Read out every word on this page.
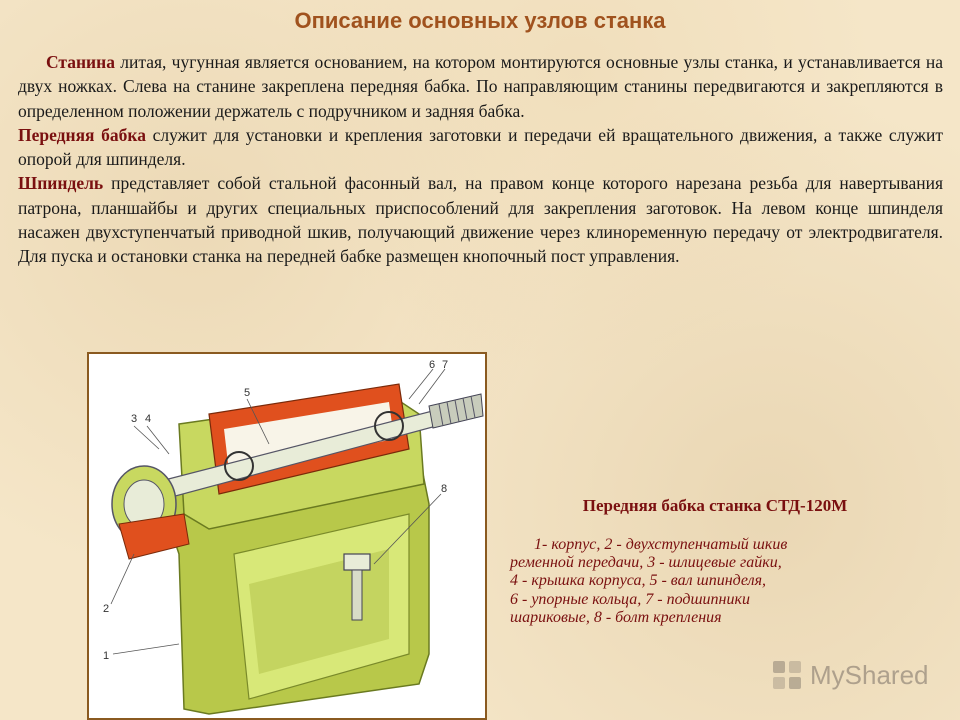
Описание основных узлов станка

Станина литая, чугунная является основанием, на котором монтируются основные узлы станка, и устанавливается на двух ножках. Слева на станине закреплена передняя бабка. По направляющим станины передвигаются и закрепляются в определенном положении держатель с подручником и задняя бабка.

Передняя бабка служит для установки и крепления заготовки и передачи ей вращательного движения, а также служит опорой для шпинделя.

Шпиндель представляет собой стальной фасонный вал, на правом конце которого нарезана резьба для навертывания патрона, планшайбы и других специальных приспособлений для закрепления заготовок. На левом конце шпинделя насажен двухступенчатый приводной шкив, получающий движение через клиноременную передачу от электродвигателя. Для пуска и остановки станка на передней бабке размещен кнопочный пост управления.

3 4
5
6 7
2
1
8
Передняя бабка станка СТД-120М

1- корпус, 2 - двухступенчатый шкив

ременной передачи, 3 - шлицевые гайки,

4 - крышка корпуса, 5 - вал шпинделя,

6 - упорные кольца, 7 - подшипники

шариковые, 8 - болт крепления

MyShared
